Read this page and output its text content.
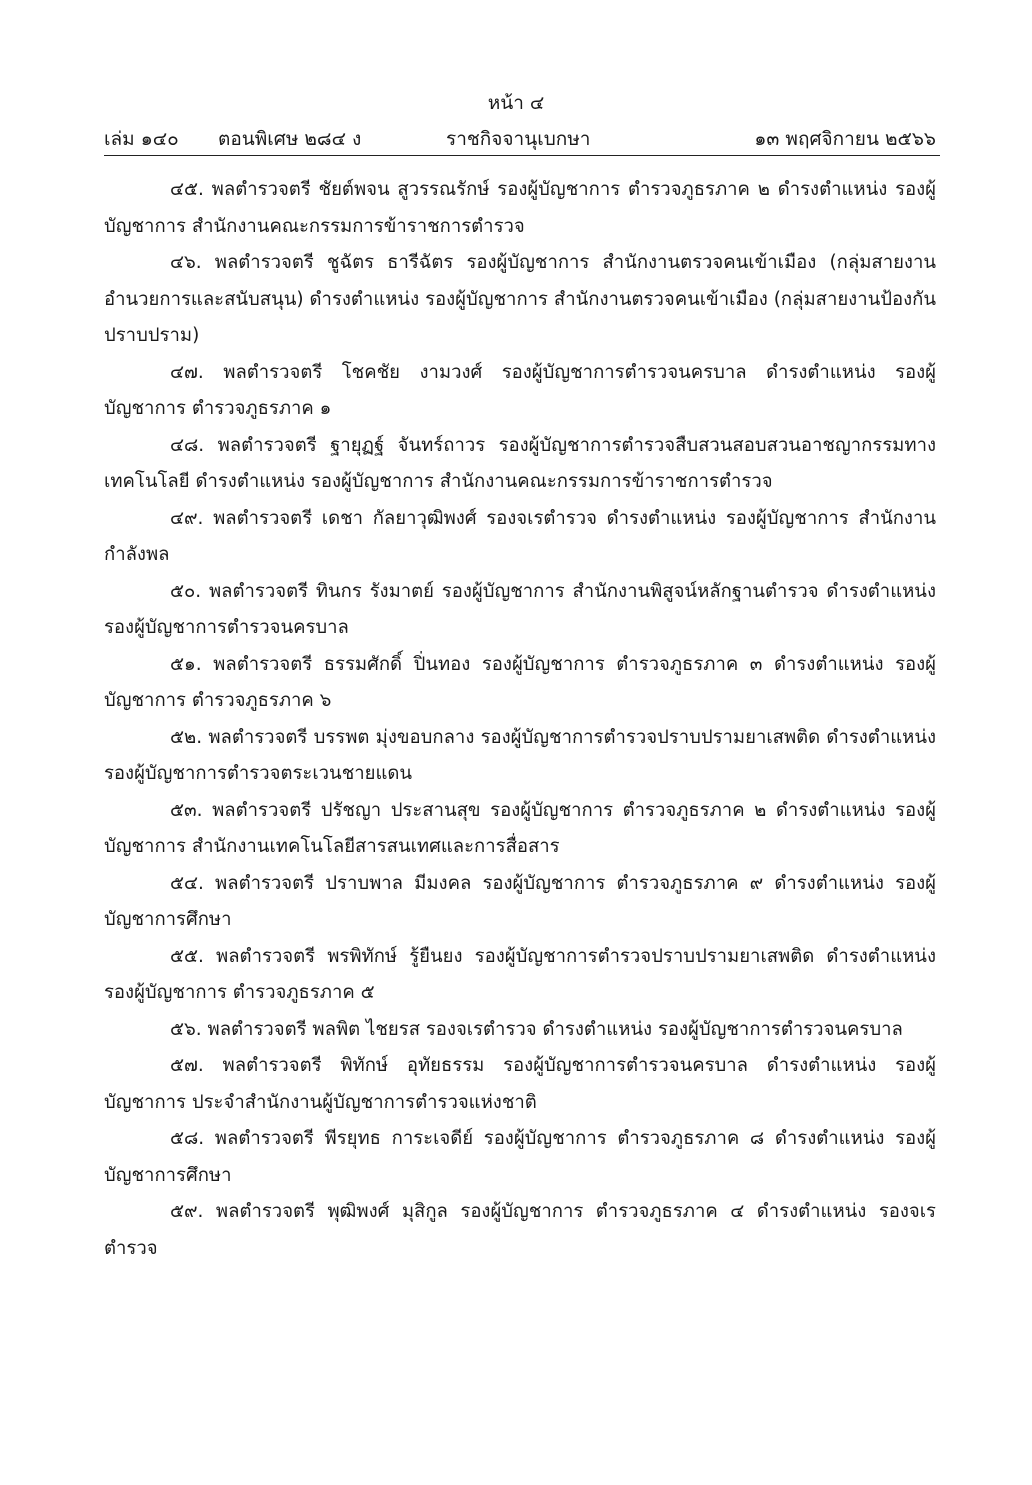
หน้า ๔
เล่ม ๑๔๐ ตอนพิเศษ ๒๘๔ ง	ราชกิจจานุเบกษา	๑๓ พฤศจิกายน ๒๕๖๖

๔๕. พลตำรวจตรี ชัยต์พจน สูวรรณรักษ์ รองผู้บัญชาการ ตำรวจภูธรภาค ๒ ดำรงตำแหน่ง รองผู้บัญชาการ สำนักงานคณะกรรมการข้าราชการตำรวจ

๔๖. พลตำรวจตรี ชูฉัตร ธารีฉัตร รองผู้บัญชาการ สำนักงานตรวจคนเข้าเมือง (กลุ่มสายงานอำนวยการและสนับสนุน) ดำรงตำแหน่ง รองผู้บัญชาการ สำนักงานตรวจคนเข้าเมือง (กลุ่มสายงานป้องกันปราบปราม)

๔๗. พลตำรวจตรี โชคชัย งามวงศ์ รองผู้บัญชาการตำรวจนครบาล ดำรงตำแหน่ง รองผู้บัญชาการ ตำรวจภูธรภาค ๑

๔๘. พลตำรวจตรี ฐายุฏฐ์ จันทร์ถาวร รองผู้บัญชาการตำรวจสืบสวนสอบสวนอาชญากรรมทางเทคโนโลยี ดำรงตำแหน่ง รองผู้บัญชาการ สำนักงานคณะกรรมการข้าราชการตำรวจ

๔๙. พลตำรวจตรี เดชา กัลยาวุฒิพงศ์ รองจเรตำรวจ ดำรงตำแหน่ง รองผู้บัญชาการ สำนักงานกำลังพล

๕๐. พลตำรวจตรี ทินกร รังมาตย์ รองผู้บัญชาการ สำนักงานพิสูจน์หลักฐานตำรวจ ดำรงตำแหน่ง รองผู้บัญชาการตำรวจนครบาล

๕๑. พลตำรวจตรี ธรรมศักดิ์ ปิ่นทอง รองผู้บัญชาการ ตำรวจภูธรภาค ๓ ดำรงตำแหน่ง รองผู้บัญชาการ ตำรวจภูธรภาค ๖

๕๒. พลตำรวจตรี บรรพต มุ่งขอบกลาง รองผู้บัญชาการตำรวจปราบปรามยาเสพติด ดำรงตำแหน่ง รองผู้บัญชาการตำรวจตระเวนชายแดน

๕๓. พลตำรวจตรี ปรัชญา ประสานสุข รองผู้บัญชาการ ตำรวจภูธรภาค ๒ ดำรงตำแหน่ง รองผู้บัญชาการ สำนักงานเทคโนโลยีสารสนเทศและการสื่อสาร

๕๔. พลตำรวจตรี ปราบพาล มีมงคล รองผู้บัญชาการ ตำรวจภูธรภาค ๙ ดำรงตำแหน่ง รองผู้บัญชาการศึกษา

๕๕. พลตำรวจตรี พรพิทักษ์ รู้ยืนยง รองผู้บัญชาการตำรวจปราบปรามยาเสพติด ดำรงตำแหน่ง รองผู้บัญชาการ ตำรวจภูธรภาค ๕

๕๖. พลตำรวจตรี พลพิต ไชยรส รองจเรตำรวจ ดำรงตำแหน่ง รองผู้บัญชาการตำรวจนครบาล

๕๗. พลตำรวจตรี พิทักษ์ อุทัยธรรม รองผู้บัญชาการตำรวจนครบาล ดำรงตำแหน่ง รองผู้บัญชาการ ประจำสำนักงานผู้บัญชาการตำรวจแห่งชาติ

๕๘. พลตำรวจตรี พีรยุทธ การะเจดีย์ รองผู้บัญชาการ ตำรวจภูธรภาค ๘ ดำรงตำแหน่ง รองผู้บัญชาการศึกษา

๕๙. พลตำรวจตรี พุฒิพงศ์ มุสิกูล รองผู้บัญชาการ ตำรวจภูธรภาค ๔ ดำรงตำแหน่ง รองจเรตำรวจ
